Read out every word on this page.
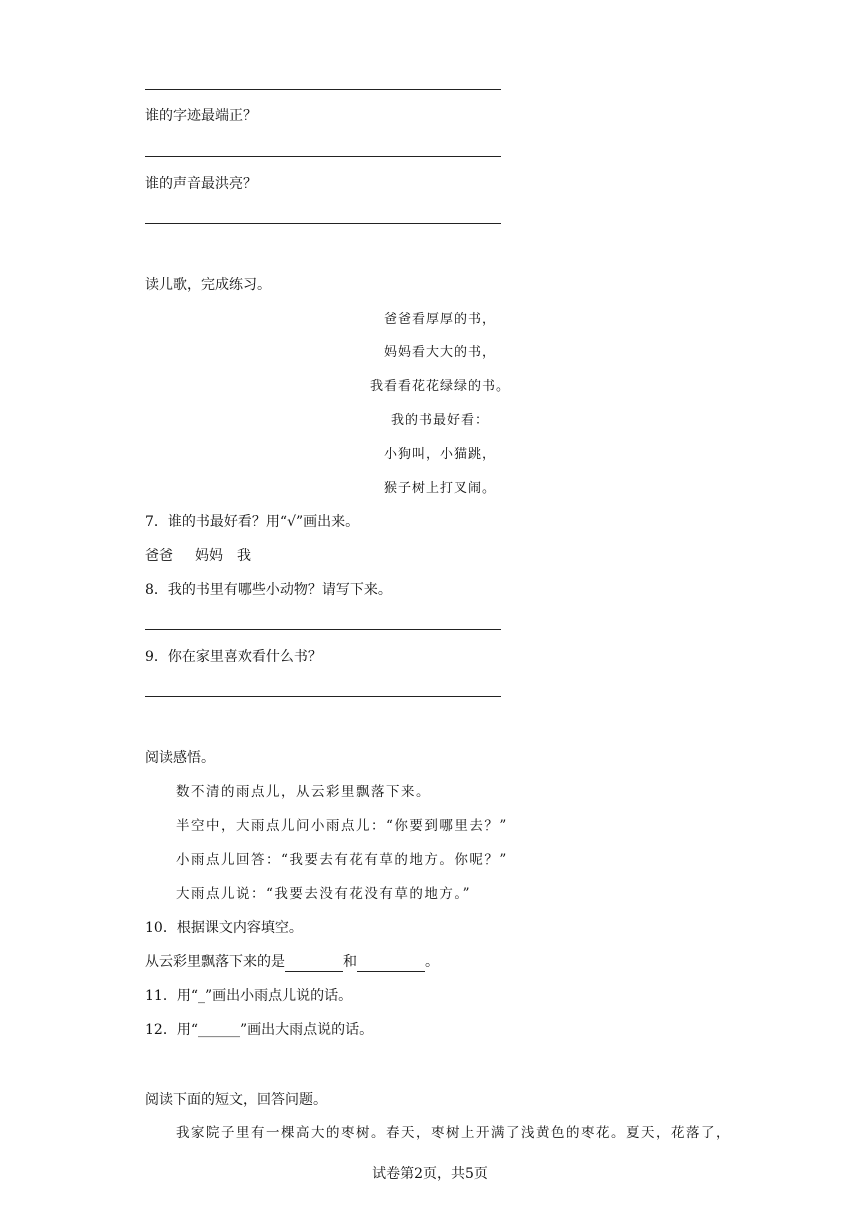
谁的字迹最端正？
谁的声音最洪亮？
读儿歌，完成练习。
爸爸看厚厚的书，
妈妈看大大的书，
我看看花花绿绿的书。
我的书最好看：
小狗叫，小猫跳，
猴子树上打叉闹。
7．谁的书最好看？用“√”画出来。
爸爸 妈妈 我
8．我的书里有哪些小动物？请写下来。
9．你在家里喜欢看什么书？
阅读感悟。
数不清的雨点儿，从云彩里飘落下来。
半空中，大雨点儿问小雨点儿：“你要到哪里去？”
小雨点儿回答：“我要去有花有草的地方。你呢？”
大雨点儿说：“我要去没有花没有草的地方。”
10．根据课文内容填空。
从云彩里飘落下来的是	和	。
11．用“_”画出小雨点儿说的话。
12．用“______”画出大雨点说的话。
阅读下面的短文，回答问题。
我家院子里有一棵高大的枣树。春天，枣树上开满了浅黄色的枣花。夏天，花落了，
试卷第2页，共5页
